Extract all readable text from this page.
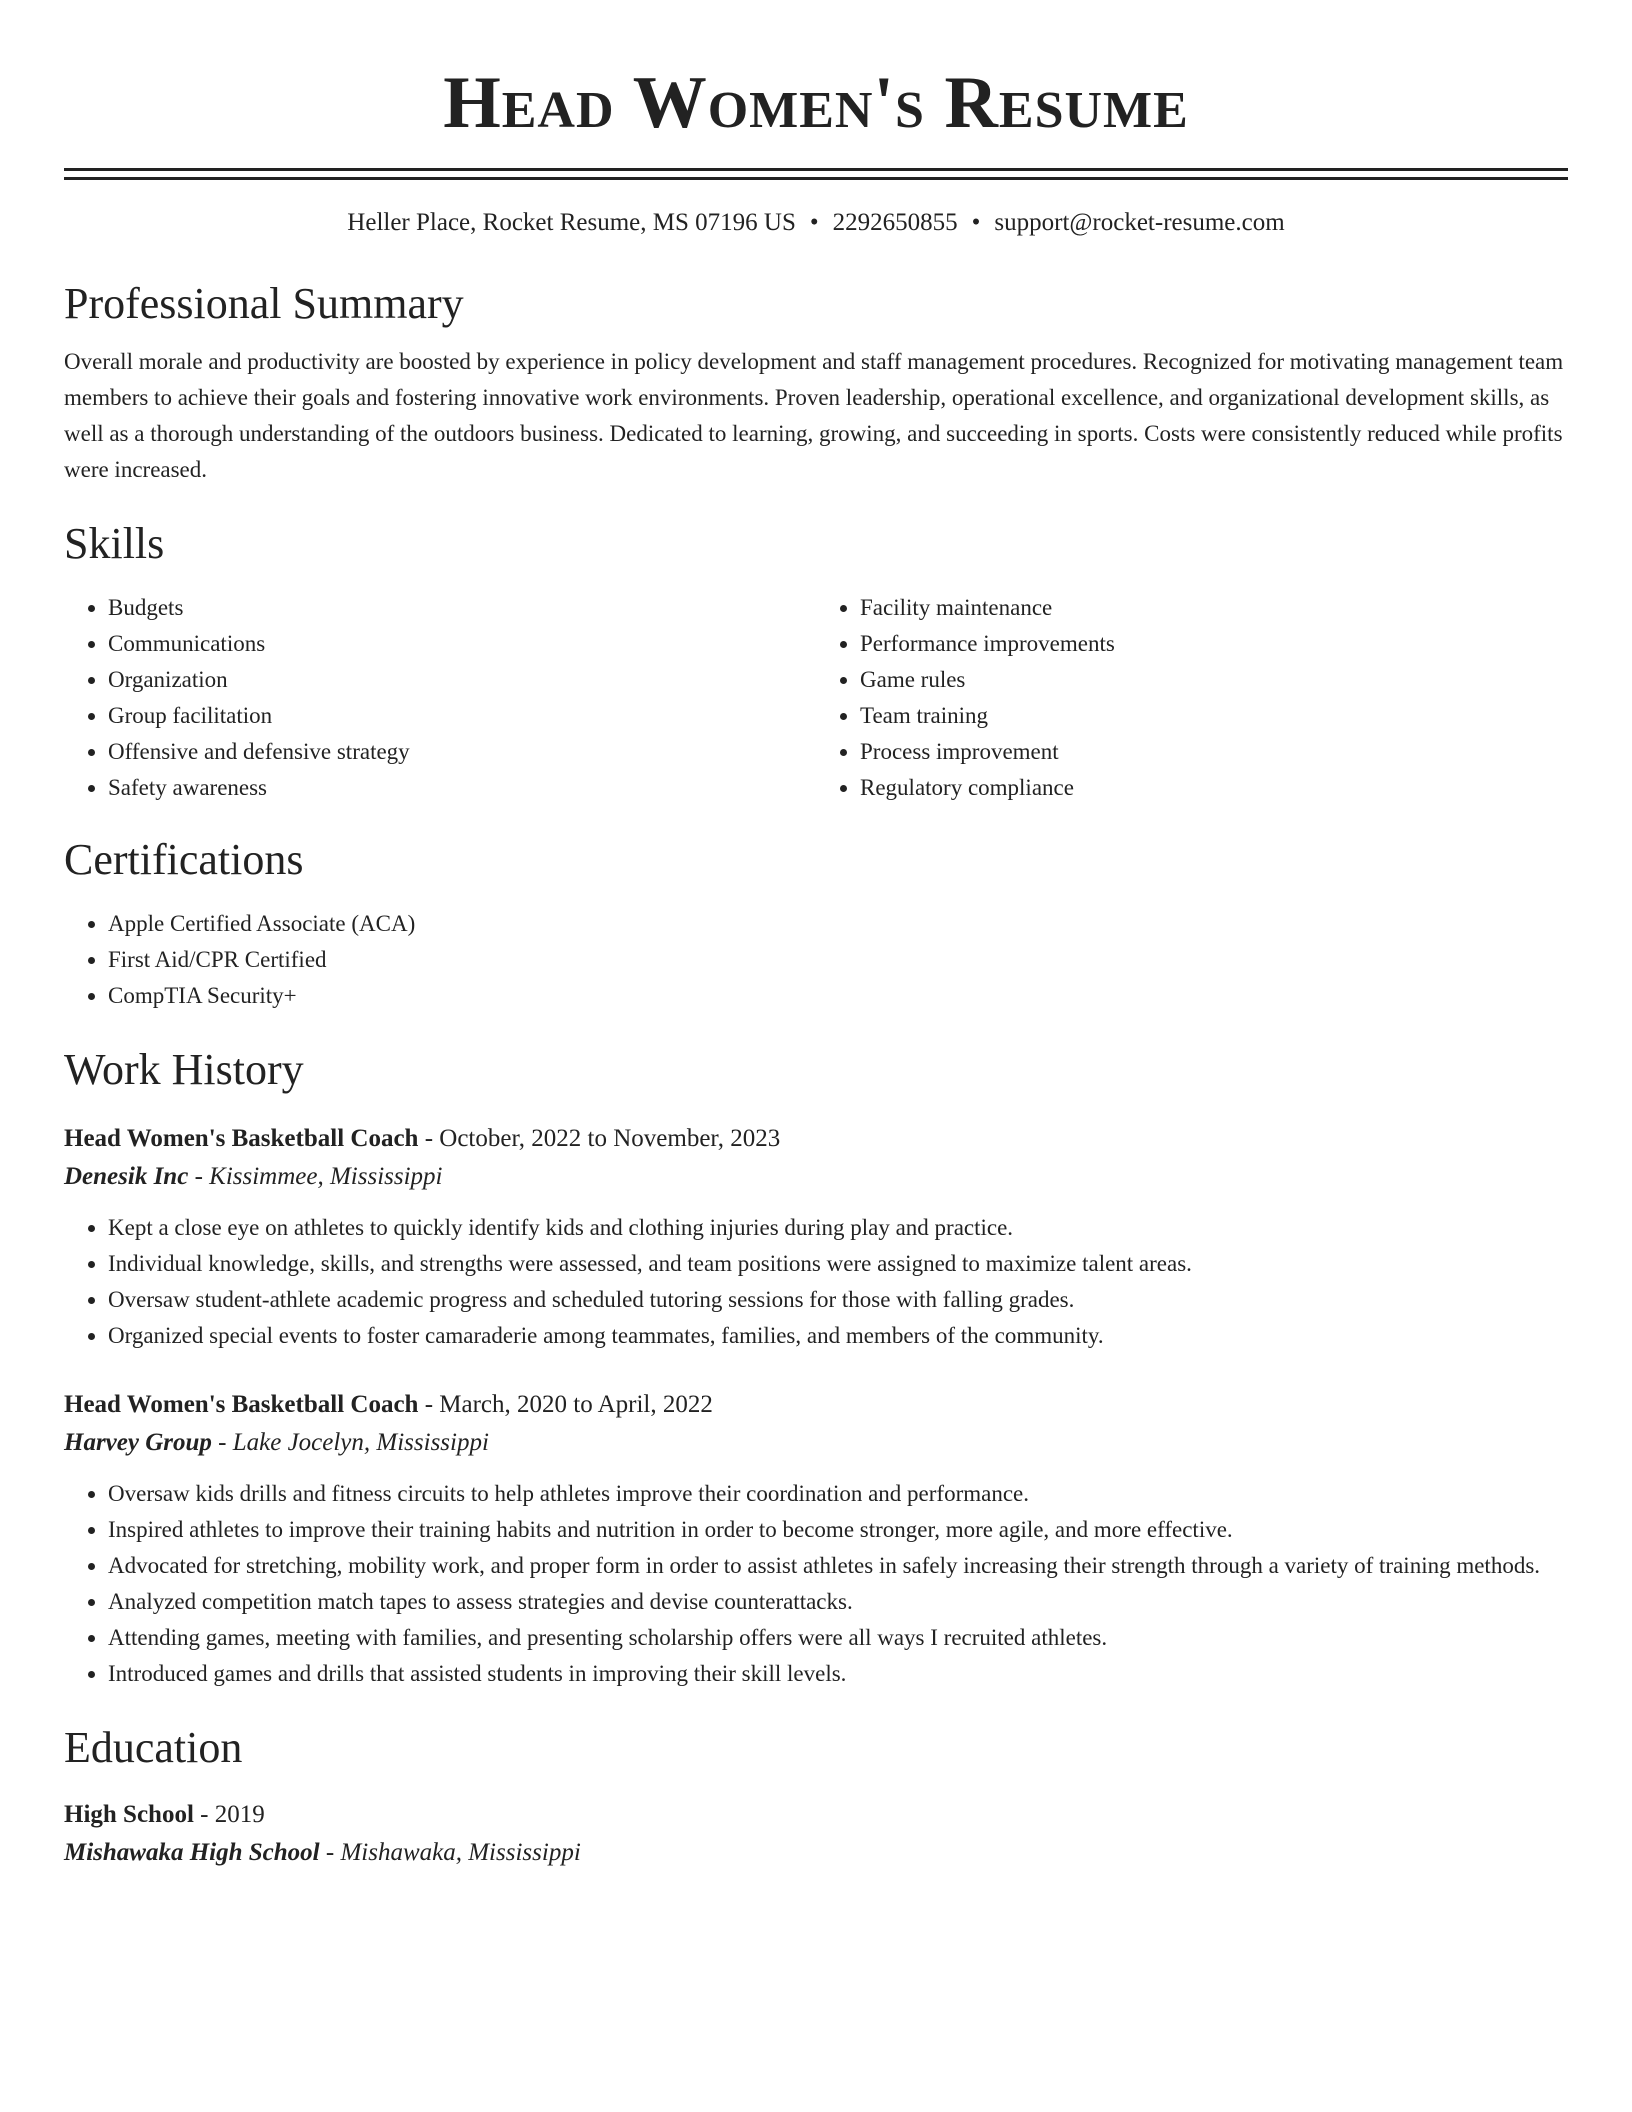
Head Women's Resume
Heller Place, Rocket Resume, MS 07196 US • 2292650855 • support@rocket-resume.com
Professional Summary

Overall morale and productivity are boosted by experience in policy development and staff management procedures. Recognized for motivating management team members to achieve their goals and fostering innovative work environments. Proven leadership, operational excellence, and organizational development skills, as well as a thorough understanding of the outdoors business. Dedicated to learning, growing, and succeeding in sports. Costs were consistently reduced while profits were increased.

Skills
• Budgets
• Communications
• Organization
• Group facilitation
• Offensive and defensive strategy
• Safety awareness
• Facility maintenance
• Performance improvements
• Game rules
• Team training
• Process improvement
• Regulatory compliance
Certifications
• Apple Certified Associate (ACA)
• First Aid/CPR Certified
• CompTIA Security+
Work History
Head Women's Basketball Coach - October, 2022 to November, 2023
Denesik Inc - Kissimmee, Mississippi
• Kept a close eye on athletes to quickly identify kids and clothing injuries during play and practice.
• Individual knowledge, skills, and strengths were assessed, and team positions were assigned to maximize talent areas.
• Oversaw student-athlete academic progress and scheduled tutoring sessions for those with falling grades.
• Organized special events to foster camaraderie among teammates, families, and members of the community.
Head Women's Basketball Coach - March, 2020 to April, 2022
Harvey Group - Lake Jocelyn, Mississippi
• Oversaw kids drills and fitness circuits to help athletes improve their coordination and performance.
• Inspired athletes to improve their training habits and nutrition in order to become stronger, more agile, and more effective.
• Advocated for stretching, mobility work, and proper form in order to assist athletes in safely increasing their strength through a variety of training methods.
• Analyzed competition match tapes to assess strategies and devise counterattacks.
• Attending games, meeting with families, and presenting scholarship offers were all ways I recruited athletes.
• Introduced games and drills that assisted students in improving their skill levels.
Education
High School - 2019
Mishawaka High School - Mishawaka, Mississippi
